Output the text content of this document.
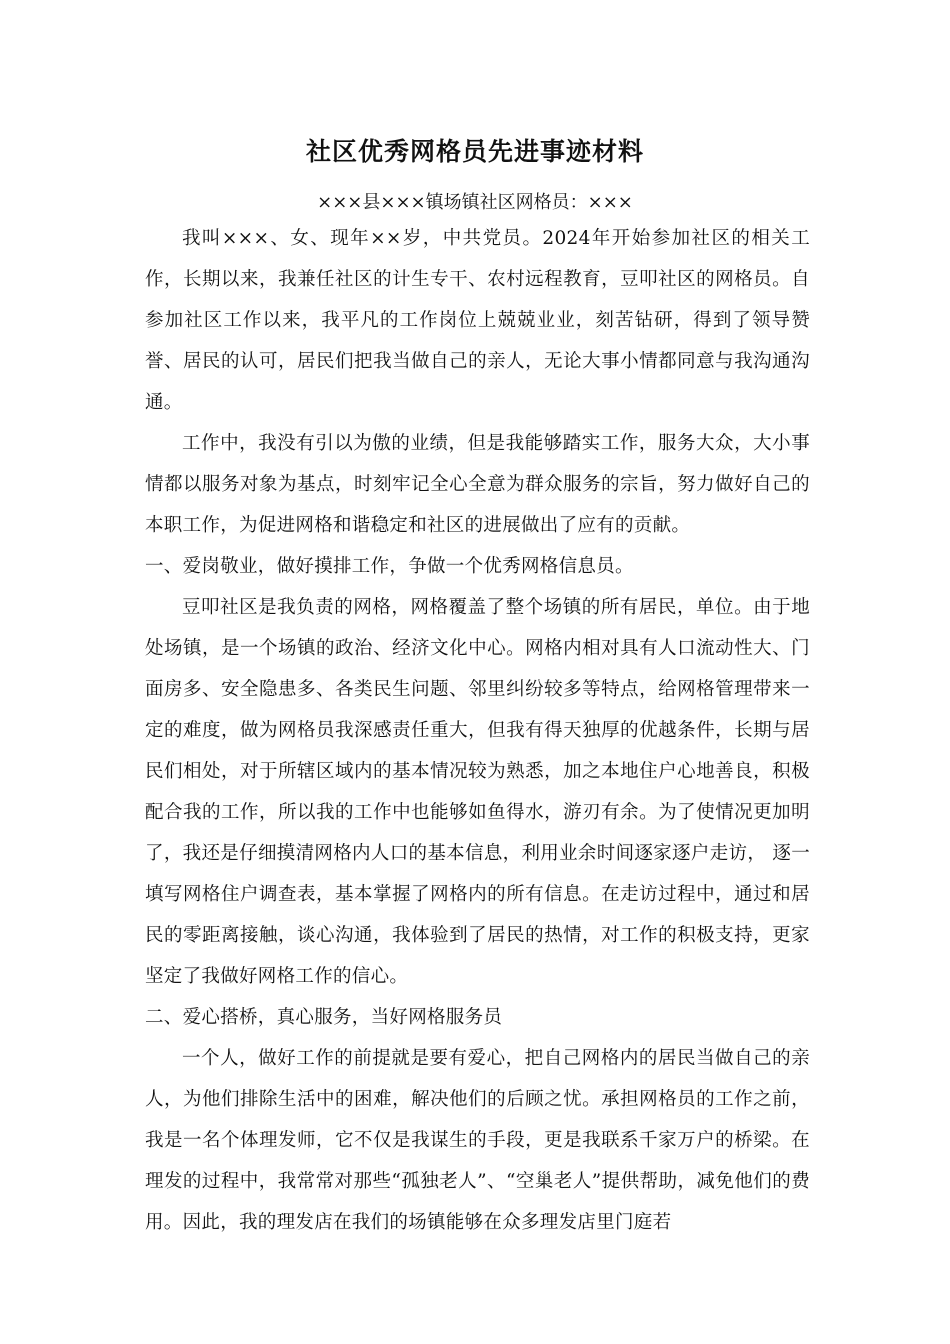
社区优秀网格员先进事迹材料
×××县×××镇场镇社区网格员：×××

我叫×××、女、现年××岁，中共党员。2024年开始参加社区的相关工作，长期以来，我兼任社区的计生专干、农村远程教育，豆叩社区的网格员。自参加社区工作以来，我平凡的工作岗位上兢兢业业，刻苦钻研，得到了领导赞誉、居民的认可，居民们把我当做自己的亲人，无论大事小情都同意与我沟通沟通。

工作中，我没有引以为傲的业绩，但是我能够踏实工作，服务大众，大小事情都以服务对象为基点，时刻牢记全心全意为群众服务的宗旨，努力做好自己的本职工作，为促进网格和谐稳定和社区的进展做出了应有的贡献。

一、爱岗敬业，做好摸排工作，争做一个优秀网格信息员。

豆叩社区是我负责的网格，网格覆盖了整个场镇的所有居民，单位。由于地处场镇，是一个场镇的政治、经济文化中心。网格内相对具有人口流动性大、门面房多、安全隐患多、各类民生问题、邻里纠纷较多等特点，给网格管理带来一定的难度，做为网格员我深感责任重大，但我有得天独厚的优越条件，长期与居民们相处，对于所辖区域内的基本情况较为熟悉，加之本地住户心地善良，积极配合我的工作，所以我的工作中也能够如鱼得水，游刃有余。为了使情况更加明了，我还是仔细摸清网格内人口的基本信息，利用业余时间逐家逐户走访， 逐一填写网格住户调查表，基本掌握了网格内的所有信息。在走访过程中，通过和居民的零距离接触，谈心沟通，我体验到了居民的热情，对工作的积极支持，更家坚定了我做好网格工作的信心。

二、爱心搭桥，真心服务，当好网格服务员

一个人，做好工作的前提就是要有爱心，把自己网格内的居民当做自己的亲人，为他们排除生活中的困难，解决他们的后顾之忧。承担网格员的工作之前，我是一名个体理发师，它不仅是我谋生的手段，更是我联系千家万户的桥梁。在理发的过程中，我常常对那些“孤独老人”、“空巢老人”提供帮助，减免他们的费用。因此，我的理发店在我们的场镇能够在众多理发店里门庭若
